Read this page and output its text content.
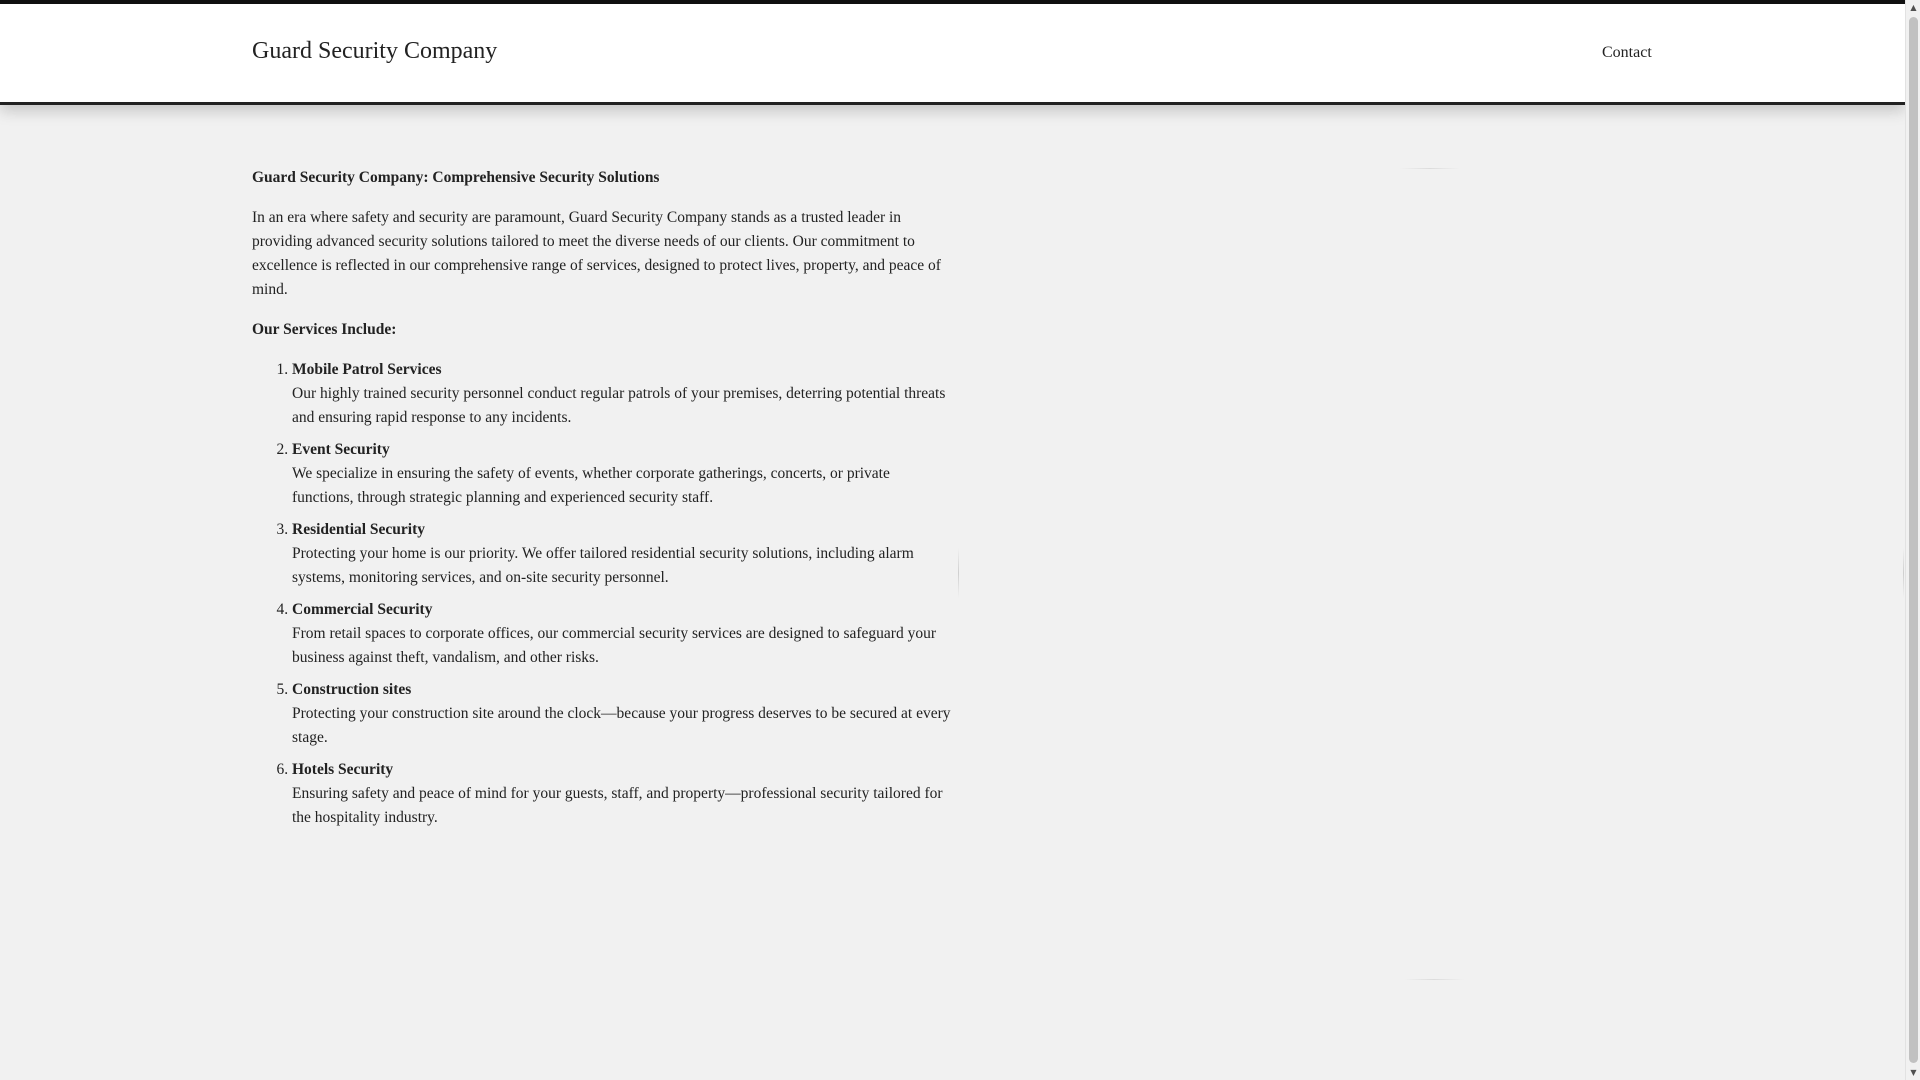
Guard Security Company	Contact
Guard Security Company: Comprehensive Security Solutions

In an era where safety and security are paramount, Guard Security Company stands as a trusted leader in providing advanced security solutions tailored to meet the diverse needs of our clients. Our commitment to excellence is reflected in our comprehensive range of services, designed to protect lives, property, and peace of mind.

Our Services Include:
1. Mobile Patrol Services
Our highly trained security personnel conduct regular patrols of your premises, deterring potential threats and ensuring rapid response to any incidents.
2. Event Security
We specialize in ensuring the safety of events, whether corporate gatherings, concerts, or private functions, through strategic planning and experienced security staff.
3. Residential Security
Protecting your home is our priority. We offer tailored residential security solutions, including alarm systems, monitoring services, and on-site security personnel.
4. Commercial Security
From retail spaces to corporate offices, our commercial security services are designed to safeguard your business against theft, vandalism, and other risks.
5. Construction sites
Protecting your construction site around the clock—because your progress deserves to be secured at every stage.
6. Hotels Security
Ensuring safety and peace of mind for your guests, staff, and property—professional security tailored for the hospitality industry.
▲
▼
